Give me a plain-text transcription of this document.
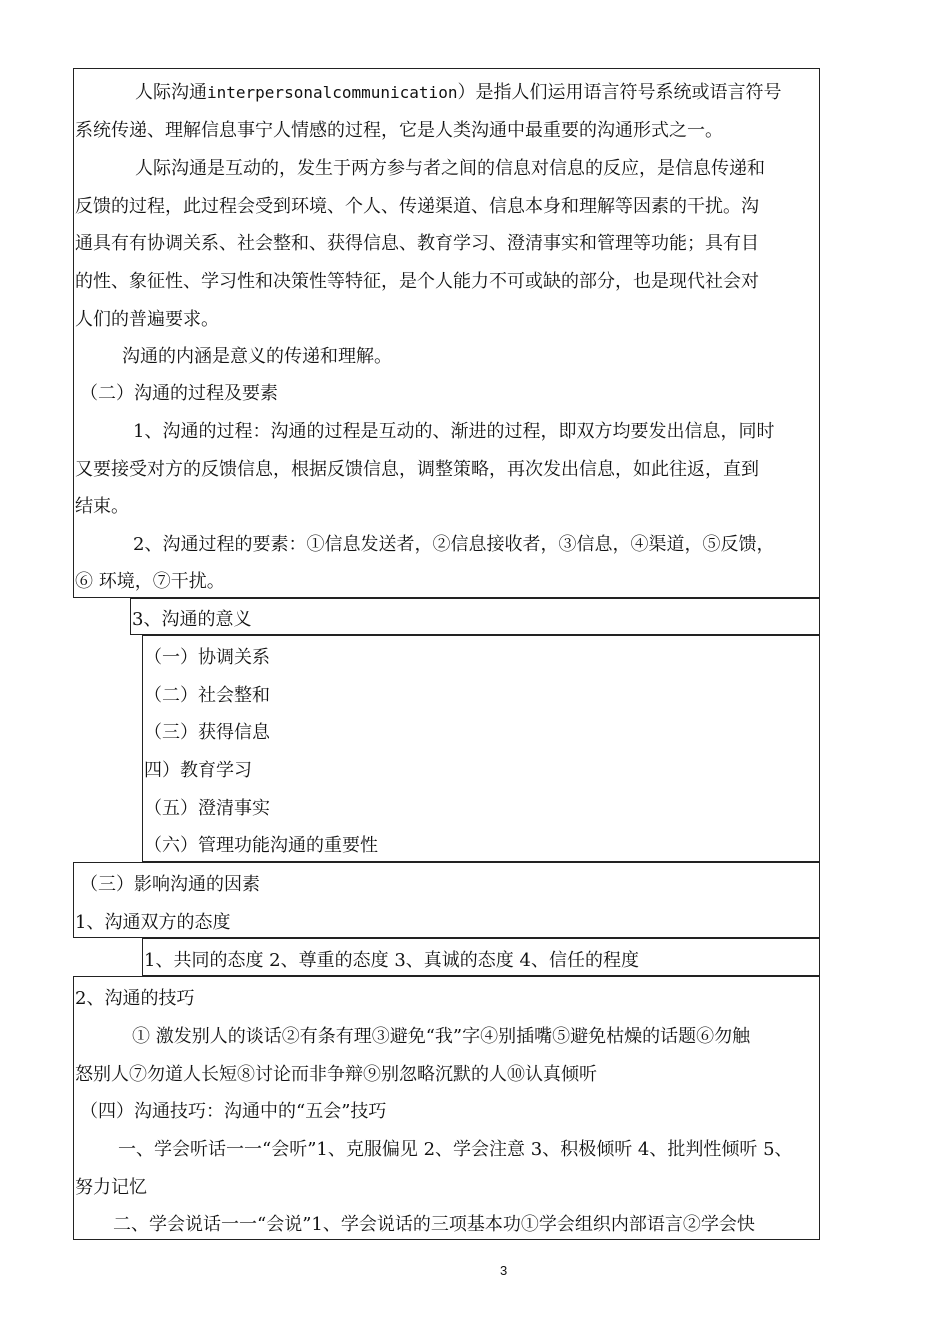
人际沟通interpersonalcommunication）是指人们运用语言符号系统或语言符号
系统传递、理解信息事宁人情感的过程，它是人类沟通中最重要的沟通形式之一。
人际沟通是互动的，发生于两方参与者之间的信息对信息的反应，是信息传递和
反馈的过程，此过程会受到环境、个人、传递渠道、信息本身和理解等因素的干扰。沟
通具有有协调关系、社会整和、获得信息、教育学习、澄清事实和管理等功能；具有目
的性、象征性、学习性和决策性等特征，是个人能力不可或缺的部分，也是现代社会对
人们的普遍要求。
沟通的内涵是意义的传递和理解。
（二）沟通的过程及要素
1、沟通的过程：沟通的过程是互动的、渐进的过程，即双方均要发出信息，同时
又要接受对方的反馈信息，根据反馈信息，调整策略，再次发出信息，如此往返，直到
结束。
2、沟通过程的要素：①信息发送者，②信息接收者，③信息，④渠道，⑤反馈，
⑥ 环境，⑦干扰。
3、沟通的意义
（一）协调关系
（二）社会整和
（三）获得信息
四）教育学习
（五）澄清事实
（六）管理功能沟通的重要性
（三）影响沟通的因素
1、沟通双方的态度
1、共同的态度 2、尊重的态度 3、真诚的态度 4、信任的程度
2、沟通的技巧
① 激发别人的谈话②有条有理③避免“我”字④别插嘴⑤避免枯燥的话题⑥勿触
怒别人⑦勿道人长短⑧讨论而非争辩⑨别忽略沉默的人⑩认真倾听
（四）沟通技巧：沟通中的“五会”技巧
一、学会听话一一“会听”1、克服偏见 2、学会注意 3、积极倾听 4、批判性倾听 5、
努力记忆
二、学会说话一一“会说”1、学会说话的三项基本功①学会组织内部语言②学会快
3
